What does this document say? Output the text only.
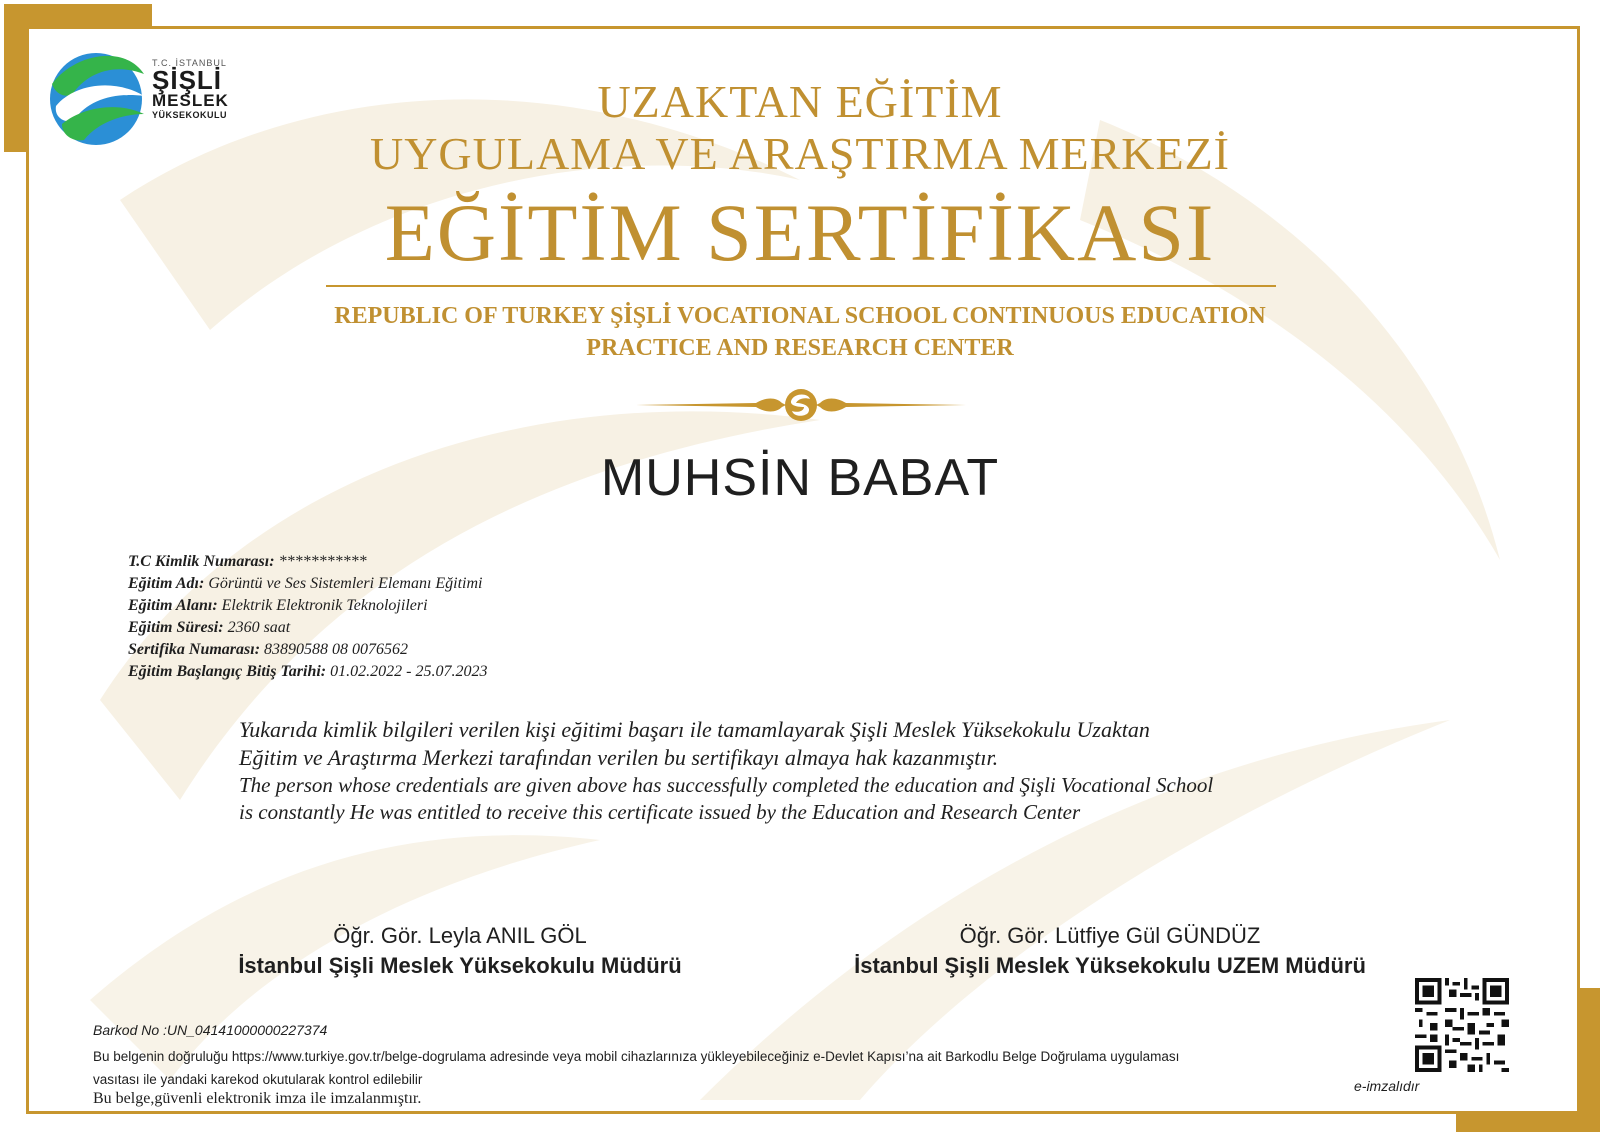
T.C. İSTANBUL
ŞİŞLİ
MESLEK
YÜKSEKOKULU	UZAKTAN EĞİTİM
UYGULAMA VE ARAŞTIRMA MERKEZİ
EĞİTİM SERTİFİKASI
REPUBLIC OF TURKEY ŞİŞLİ VOCATIONAL SCHOOL CONTINUOUS EDUCATION
PRACTICE AND RESEARCH CENTER
MUHSİN BABAT
T.C Kimlik Numarası: ***********
Eğitim Adı: Görüntü ve Ses Sistemleri Elemanı Eğitimi
Eğitim Alanı: Elektrik Elektronik Teknolojileri
Eğitim Süresi: 2360 saat
Sertifika Numarası: 83890588 08 0076562
Eğitim Başlangıç Bitiş Tarihi: 01.02.2022 - 25.07.2023
Yukarıda kimlik bilgileri verilen kişi eğitimi başarı ile tamamlayarak Şişli Meslek Yüksekokulu Uzaktan
Eğitim ve Araştırma Merkezi tarafından verilen bu sertifikayı almaya hak kazanmıştır.
The person whose credentials are given above has successfully completed the education and Şişli Vocational School
is constantly He was entitled to receive this certificate issued by the Education and Research Center
Öğr. Gör. Leyla ANIL GÖL
İstanbul Şişli Meslek Yüksekokulu Müdürü
Öğr. Gör. Lütfiye Gül GÜNDÜZ
İstanbul Şişli Meslek Yüksekokulu UZEM Müdürü
Barkod No :UN_04141000000227374
Bu belgenin doğruluğu https://www.turkiye.gov.tr/belge-dogrulama adresinde veya mobil cihazlarınıza yükleyebileceğiniz e-Devlet Kapısı’na ait Barkodlu Belge Doğrulama uygulaması
vasıtası ile yandaki karekod okutularak kontrol edilebilir
Bu belge,güvenli elektronik imza ile imzalanmıştır.
e-imzalıdır
